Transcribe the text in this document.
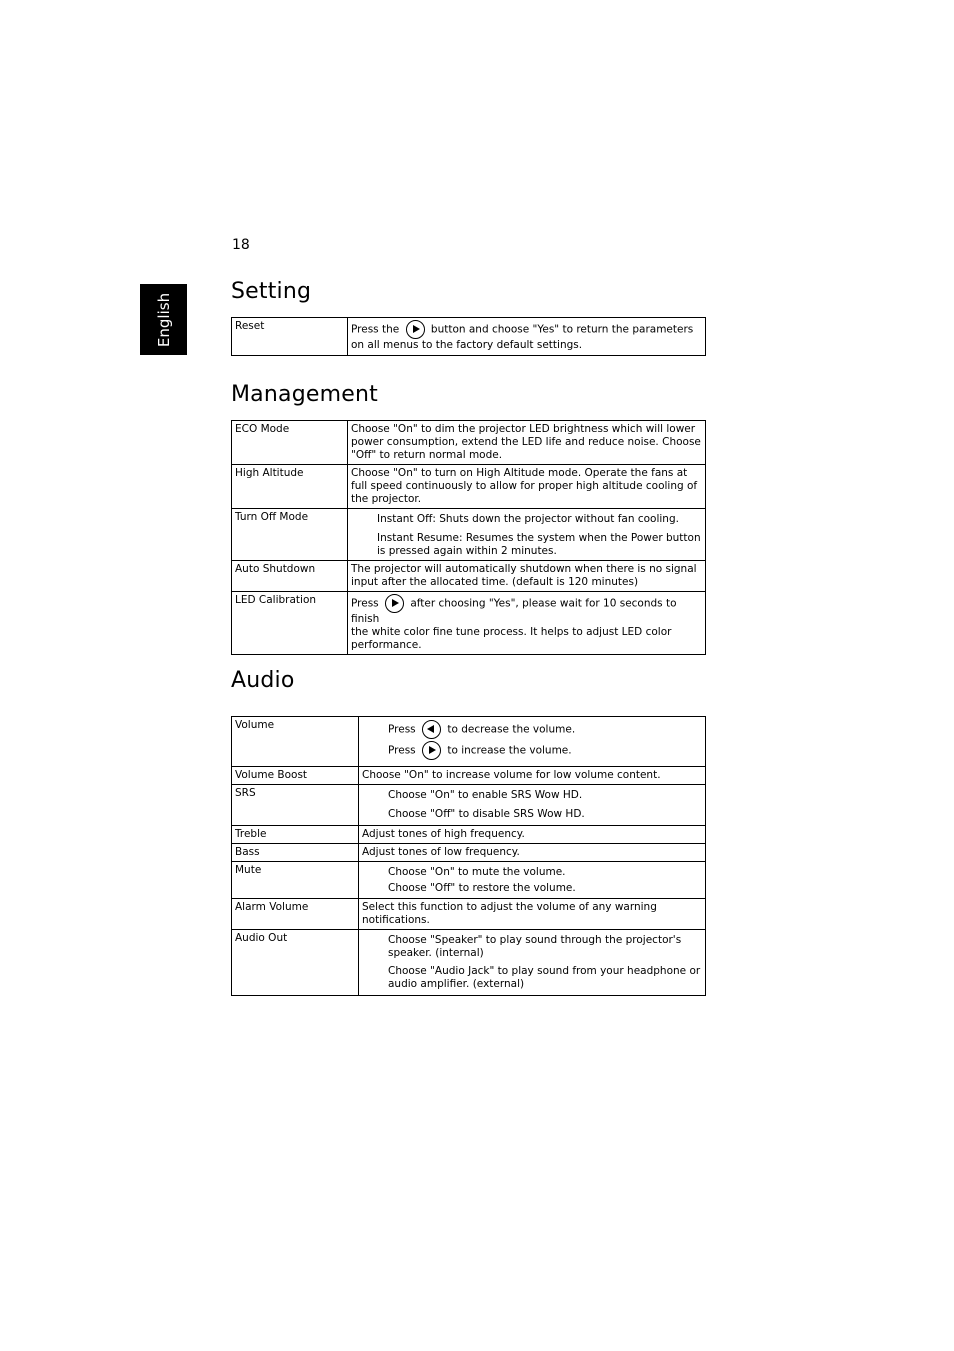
18
English
Setting
Reset	Press the	button and choose "Yes" to return the parameters
on all menus to the factory default settings.
Management
ECO Mode	Choose "On" to dim the projector LED brightness which will lower power consumption, extend the LED life and reduce noise. Choose "Off" to return normal mode.
High Altitude	Choose "On" to turn on High Altitude mode. Operate the fans at full speed continuously to allow for proper high altitude cooling of the projector.
Turn Off Mode	Instant Off: Shuts down the projector without fan cooling.
Instant Resume: Resumes the system when the Power button is pressed again within 2 minutes.

Auto Shutdown	The projector will automatically shutdown when there is no signal input after the allocated time. (default is 120 minutes)
LED Calibration	Press after choosing "Yes", please wait for 10 seconds to finish
the white color fine tune process. It helps to adjust LED color performance.
Audio
Volume	Press to decrease the volume.
Press to increase the volume.

Volume Boost	Choose "On" to increase volume for low volume content.
SRS	Choose "On" to enable SRS Wow HD.
Choose "Off" to disable SRS Wow HD.

Treble	Adjust tones of high frequency.
Bass	Adjust tones of low frequency.
Mute	Choose "On" to mute the volume.
Choose "Off" to restore the volume.

Alarm Volume	Select this function to adjust the volume of any warning notifications.
Audio Out	Choose "Speaker" to play sound through the projector's speaker. (internal)
Choose "Audio Jack" to play sound from your headphone or audio amplifier. (external)
